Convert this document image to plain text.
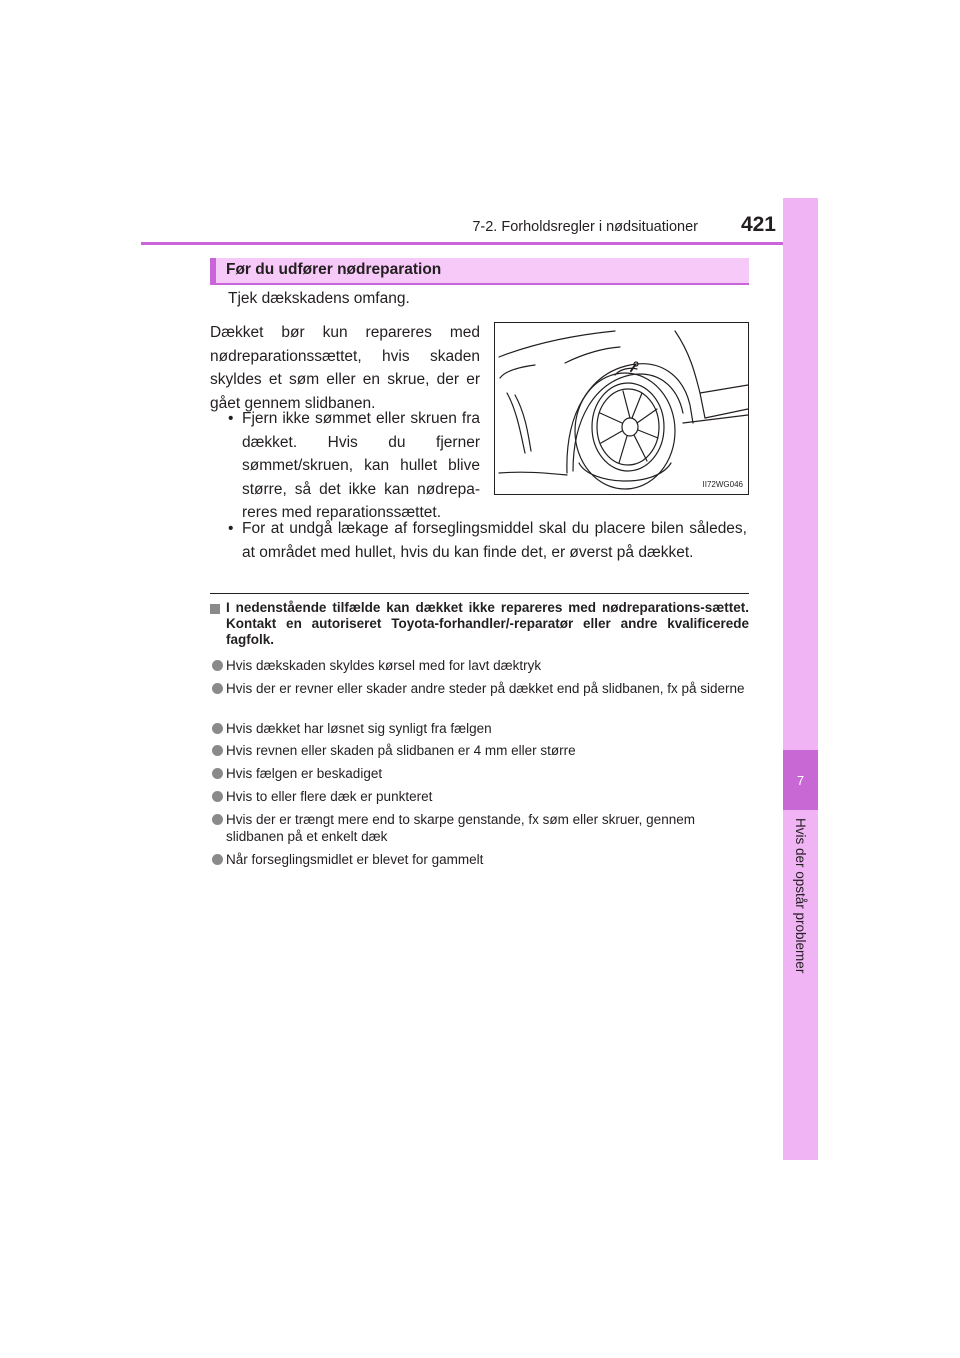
7-2. Forholdsregler i nødsituationer	421
7
Hvis der opstår problemer
Før du udfører nødreparation
Tjek dækskadens omfang.

Dækket bør kun repareres med nødreparationssættet, hvis skaden skyldes et søm eller en skrue, der er gået gennem slidbanen.

• Fjern ikke sømmet eller skruen fra dækket. Hvis du fjerner sømmet/skruen, kan hullet blive større, så det ikke kan nødrepa-reres med reparationssættet.
• For at undgå lækage af forseglingsmiddel skal du placere bilen således, at området med hullet, hvis du kan finde det, er øverst på dækket.
II72WG046

I nedenstående tilfælde kan dækket ikke repareres med nødreparations-sættet. Kontakt en autoriseret Toyota-forhandler/-reparatør eller andre kvalificerede fagfolk.

Hvis dækskaden skyldes kørsel med for lavt dæktryk
Hvis der er revner eller skader andre steder på dækket end på slidbanen, fx på siderne
Hvis dækket har løsnet sig synligt fra fælgen
Hvis revnen eller skaden på slidbanen er 4 mm eller større
Hvis fælgen er beskadiget
Hvis to eller flere dæk er punkteret
Hvis der er trængt mere end to skarpe genstande, fx søm eller skruer, gennem slidbanen på et enkelt dæk
Når forseglingsmidlet er blevet for gammelt
